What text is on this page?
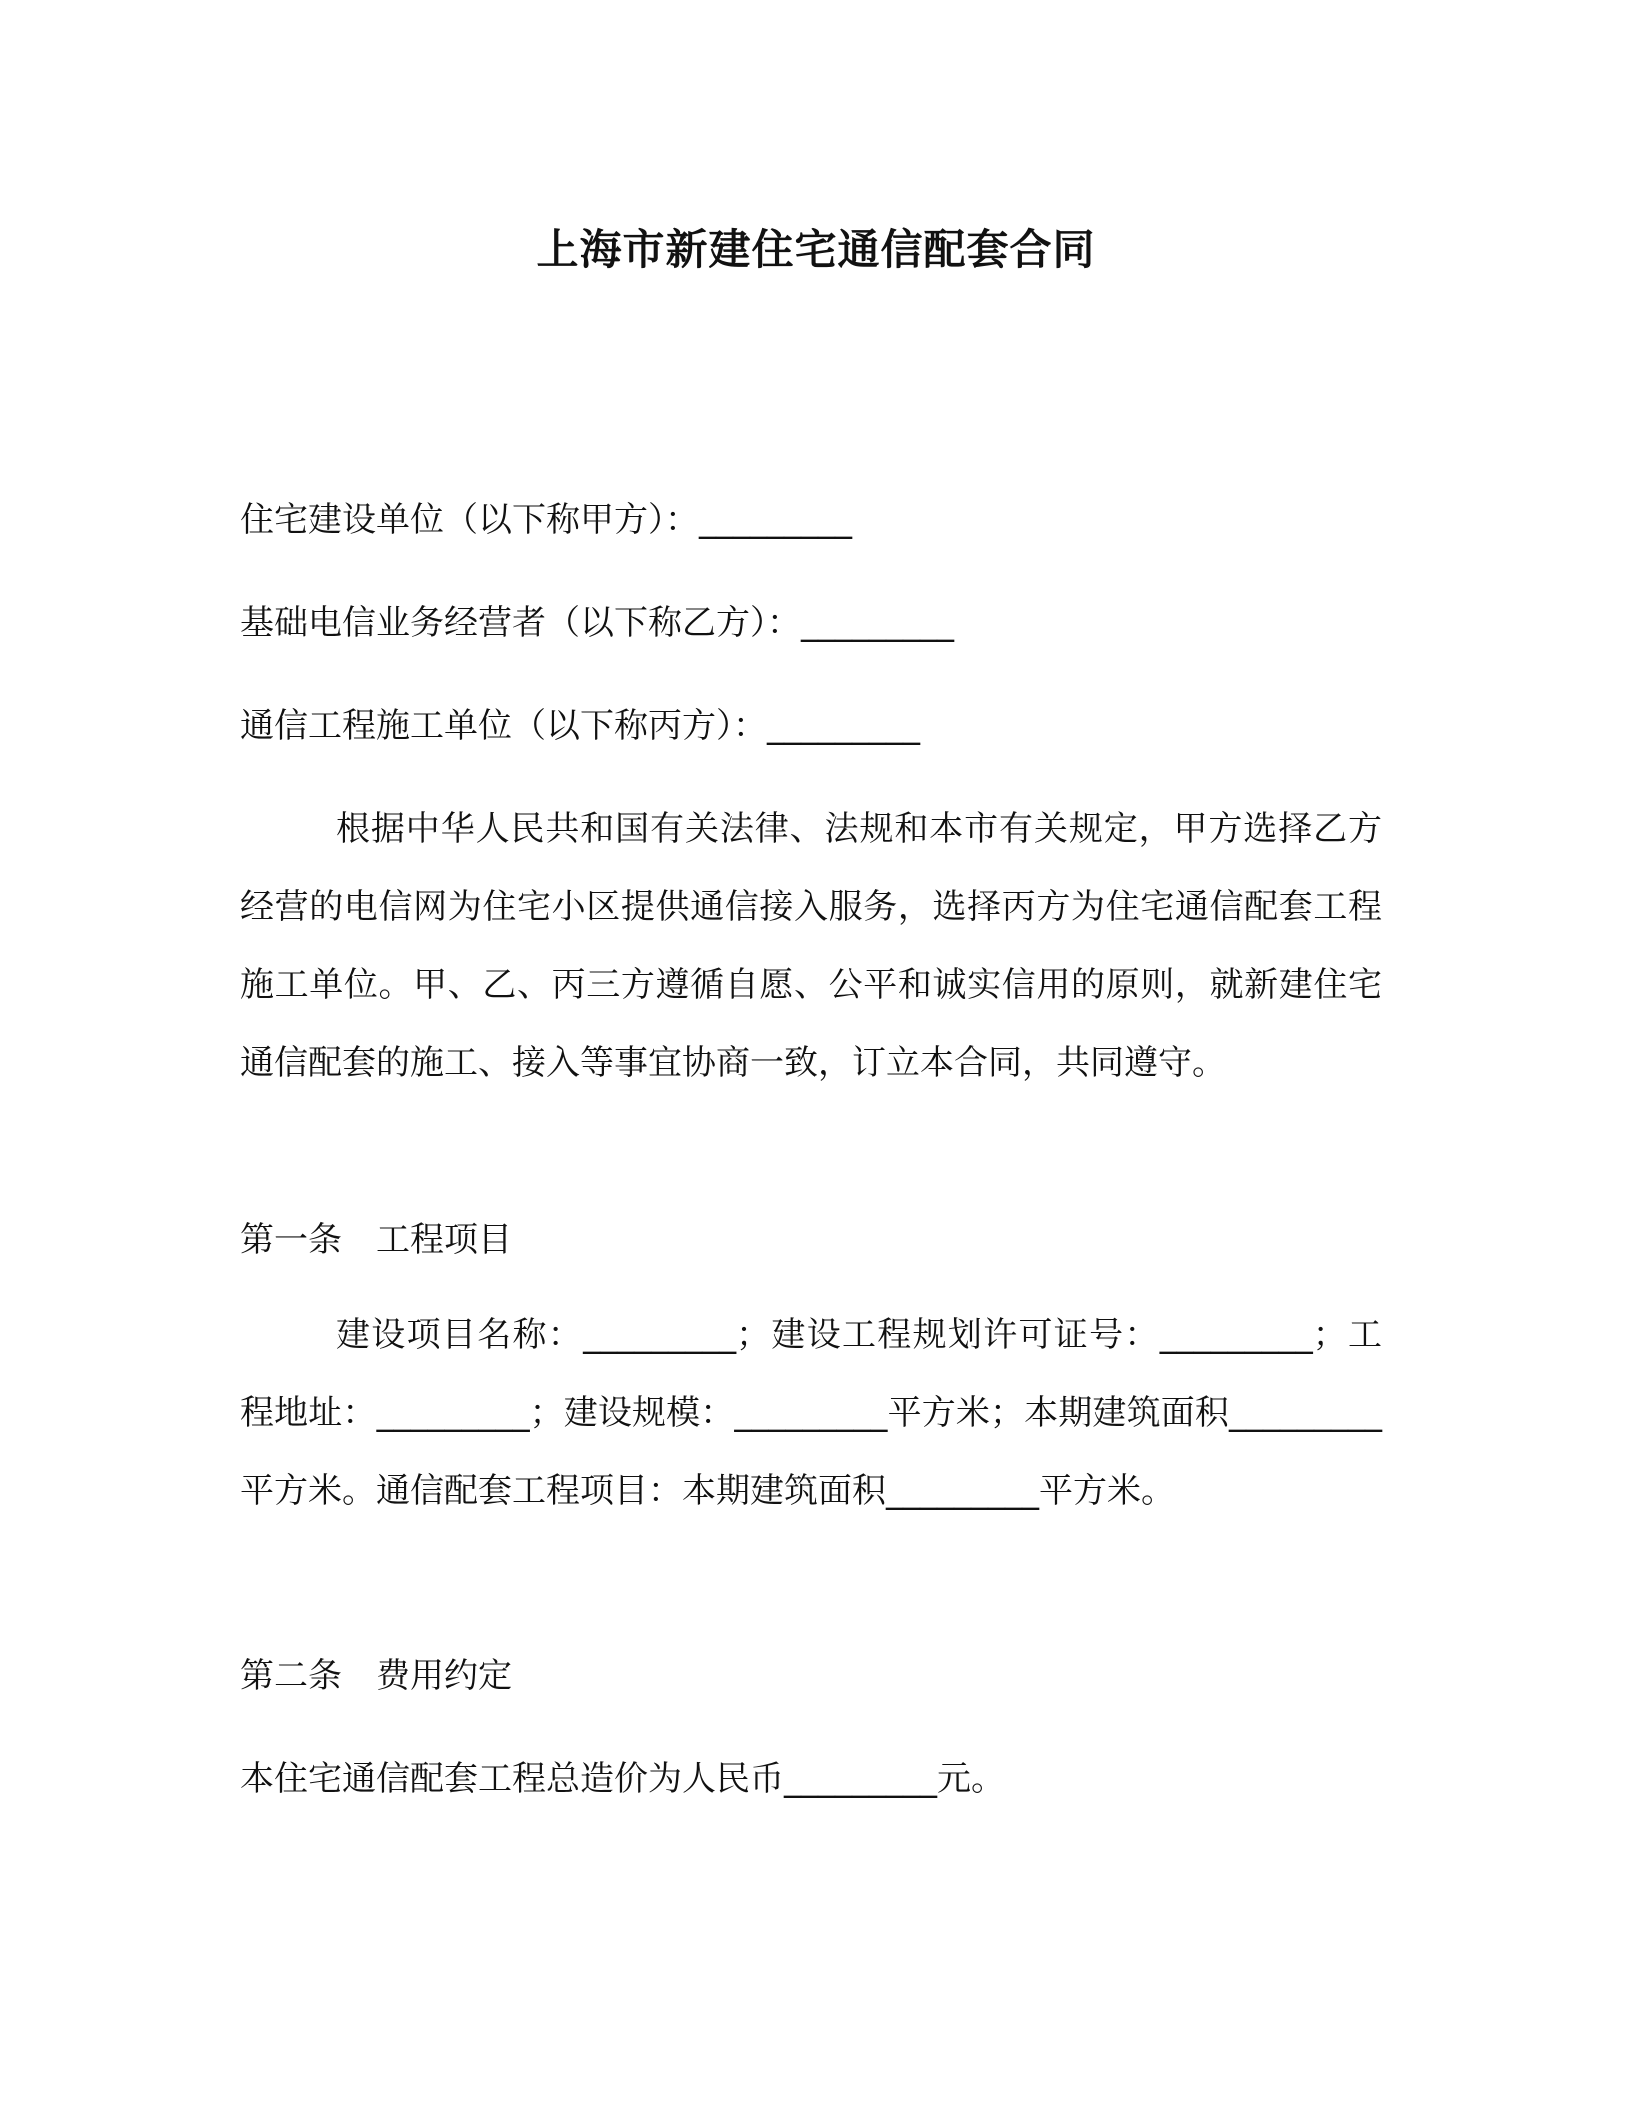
上海市新建住宅通信配套合同

住宅建设单位（以下称甲方）：_________

基础电信业务经营者（以下称乙方）：_________

通信工程施工单位（以下称丙方）：_________

根据中华人民共和国有关法律、法规和本市有关规定，甲方选择乙方经营的电信网为住宅小区提供通信接入服务，选择丙方为住宅通信配套工程施工单位。甲、乙、丙三方遵循自愿、公平和诚实信用的原则，就新建住宅通信配套的施工、接入等事宜协商一致，订立本合同，共同遵守。

第一条　工程项目

建设项目名称：_________；建设工程规划许可证号：_________；工程地址：_________；建设规模：_________平方米；本期建筑面积_________平方米。通信配套工程项目：本期建筑面积_________平方米。

第二条　费用约定

本住宅通信配套工程总造价为人民币_________元。
